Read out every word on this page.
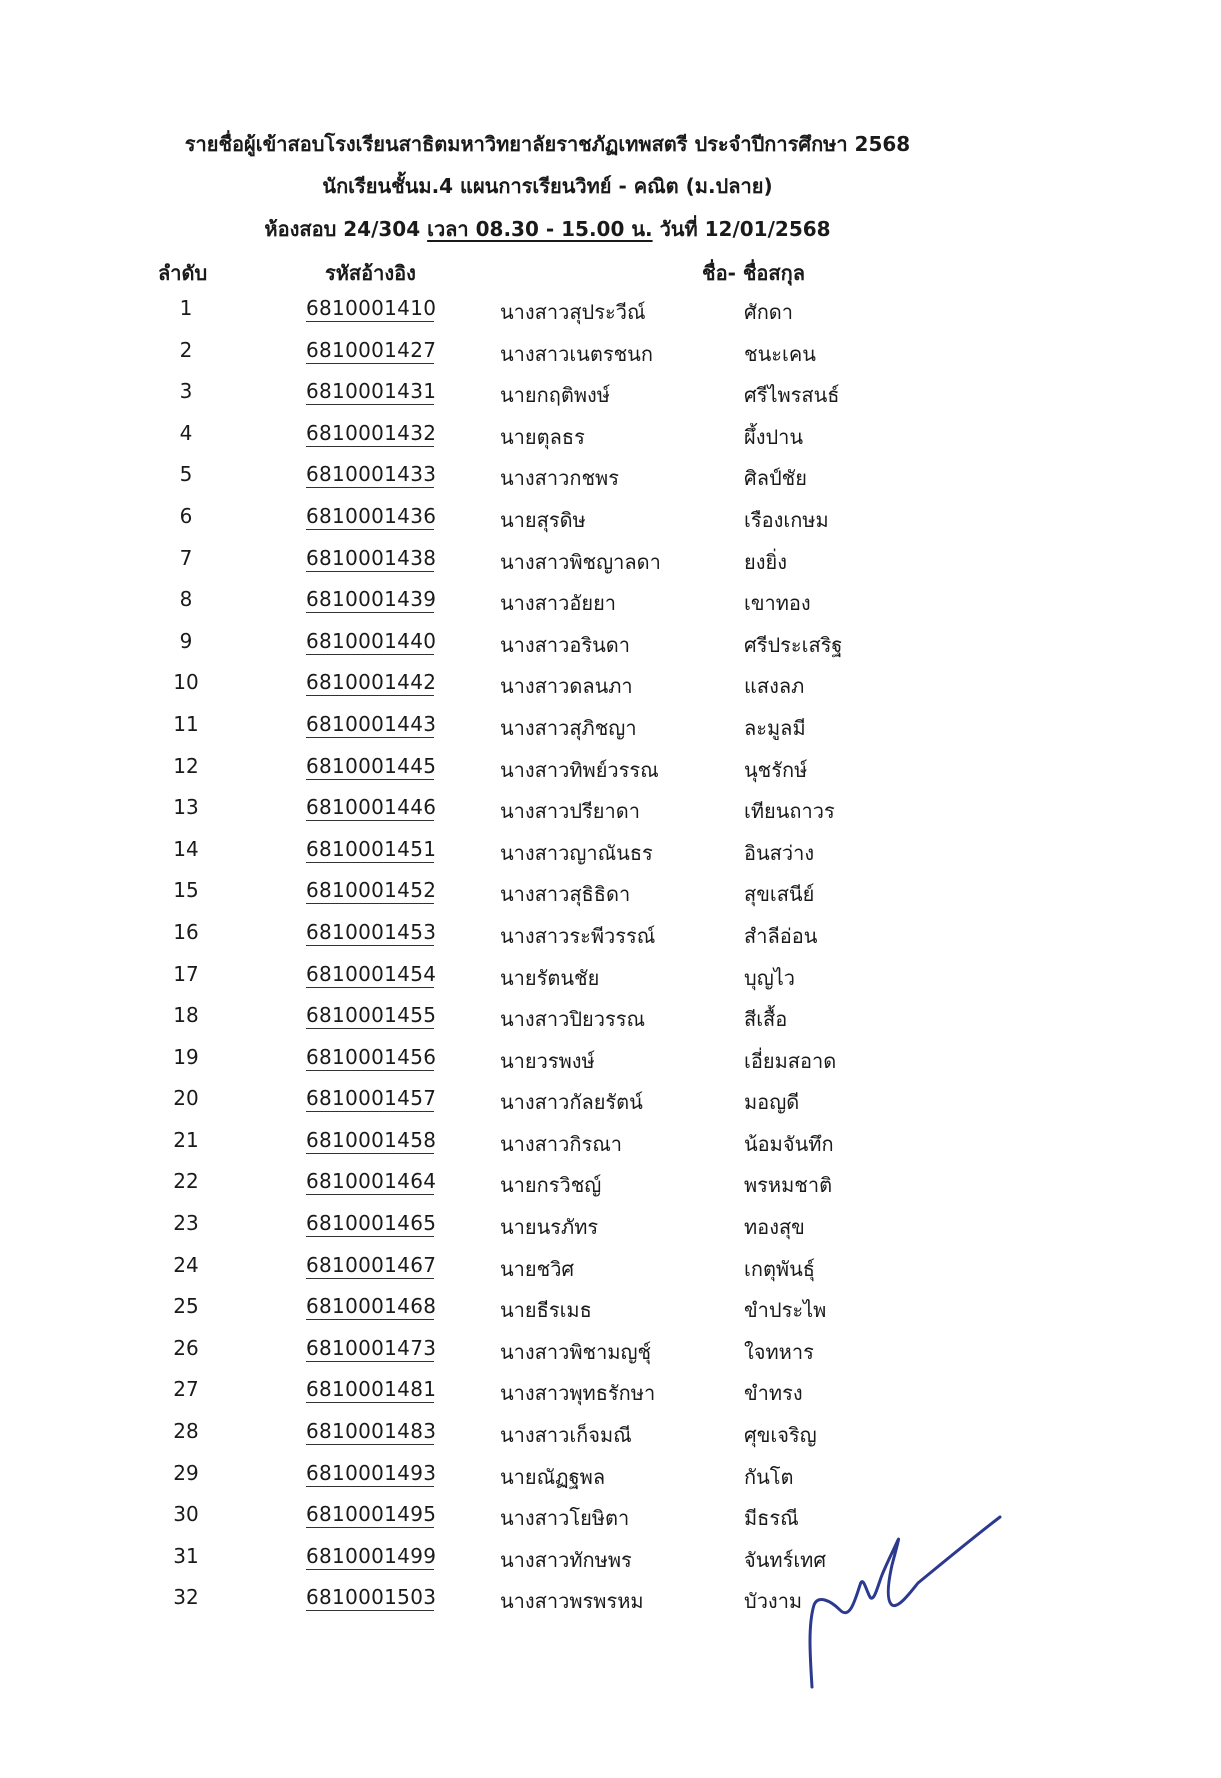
รายชื่อผู้เข้าสอบโรงเรียนสาธิตมหาวิทยาลัยราชภัฏเทพสตรี ประจำปีการศึกษา 2568
นักเรียนชั้นม.4 แผนการเรียนวิทย์ - คณิต (ม.ปลาย)
ห้องสอบ 24/304 เวลา 08.30 - 15.00 น. วันที่ 12/01/2568
ลำดับ	รหัสอ้างอิง	ชื่อ- ชื่อสกุล
1	6810001410	นางสาวสุประวีณ์	ศักดา
2	6810001427	นางสาวเนตรชนก	ชนะเคน
3	6810001431	นายกฤติพงษ์	ศรีไพรสนธ์
4	6810001432	นายตุลธร	ผึ้งปาน
5	6810001433	นางสาวกชพร	ศิลป์ชัย
6	6810001436	นายสุรดิษ	เรืองเกษม
7	6810001438	นางสาวพิชญาลดา	ยงยิ่ง
8	6810001439	นางสาวอัยยา	เขาทอง
9	6810001440	นางสาวอรินดา	ศรีประเสริฐ
10	6810001442	นางสาวดลนภา	แสงลภ
11	6810001443	นางสาวสุภิชญา	ละมูลมี
12	6810001445	นางสาวทิพย์วรรณ	นุชรักษ์
13	6810001446	นางสาวปรียาดา	เทียนถาวร
14	6810001451	นางสาวญาณันธร	อินสว่าง
15	6810001452	นางสาวสุธิธิดา	สุขเสนีย์
16	6810001453	นางสาวระพีวรรณ์	สำลีอ่อน
17	6810001454	นายรัตนชัย	บุญไว
18	6810001455	นางสาวปิยวรรณ	สีเสื้อ
19	6810001456	นายวรพงษ์	เอี่ยมสอาด
20	6810001457	นางสาวกัลยรัตน์	มอญดี
21	6810001458	นางสาวกิรณา	น้อมจันทึก
22	6810001464	นายกรวิชญ์	พรหมชาติ
23	6810001465	นายนรภัทร	ทองสุข
24	6810001467	นายชวิศ	เกตุพันธุ์
25	6810001468	นายธีรเมธ	ขำประไพ
26	6810001473	นางสาวพิชามญชุ์	ใจทหาร
27	6810001481	นางสาวพุทธรักษา	ขำทรง
28	6810001483	นางสาวเก็จมณี	ศุขเจริญ
29	6810001493	นายณัฏฐพล	กันโต
30	6810001495	นางสาวโยษิตา	มีธรณี
31	6810001499	นางสาวทักษพร	จันทร์เทศ
32	6810001503	นางสาวพรพรหม	บัวงาม
